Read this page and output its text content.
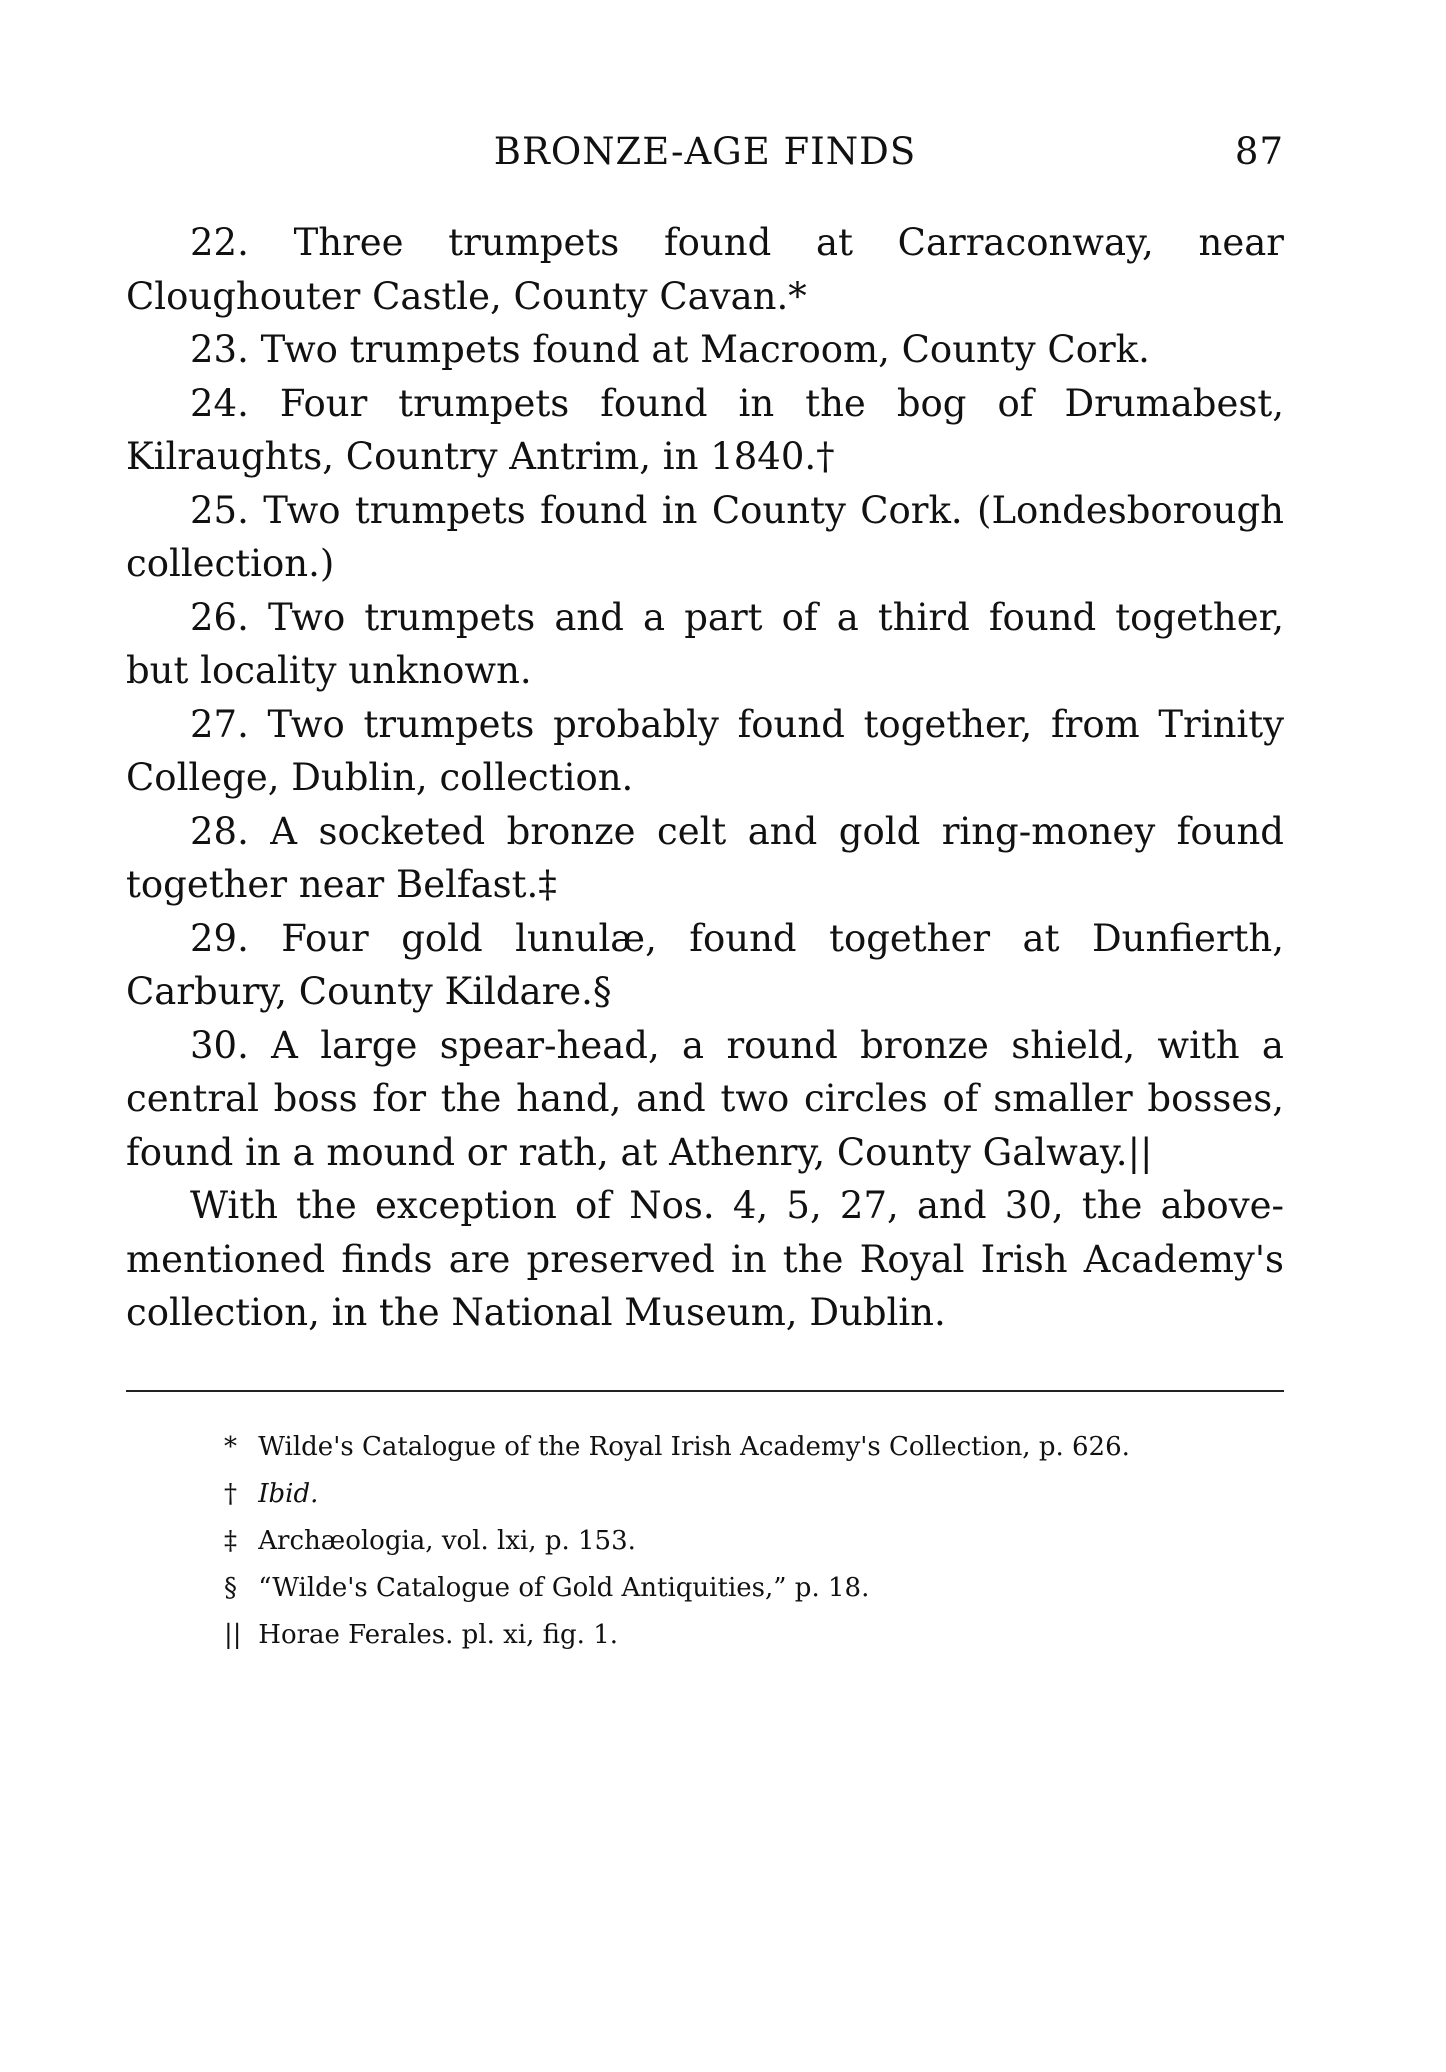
BRONZE-AGE FINDS	87

22. Three trumpets found at Carraconway, near Cloughouter Castle, County Cavan.*

23. Two trumpets found at Macroom, County Cork.

24. Four trumpets found in the bog of Drumabest, Kilraughts, Country Antrim, in 1840.†

25. Two trumpets found in County Cork. (Londesborough collection.)

26. Two trumpets and a part of a third found together, but locality unknown.

27. Two trumpets probably found together, from Trinity College, Dublin, collection.

28. A socketed bronze celt and gold ring-money found together near Belfast.‡

29. Four gold lunulæ, found together at Dunfierth, Carbury, County Kildare.§

30. A large spear-head, a round bronze shield, with a central boss for the hand, and two circles of smaller bosses, found in a mound or rath, at Athenry, County Galway.||

With the exception of Nos. 4, 5, 27, and 30, the above-mentioned finds are preserved in the Royal Irish Academy's collection, in the National Museum, Dublin.

* Wilde's Catalogue of the Royal Irish Academy's Collection, p. 626.

† Ibid.

‡ Archæologia, vol. lxi, p. 153.

§ “Wilde's Catalogue of Gold Antiquities,” p. 18.

|| Horae Ferales. pl. xi, fig. 1.
